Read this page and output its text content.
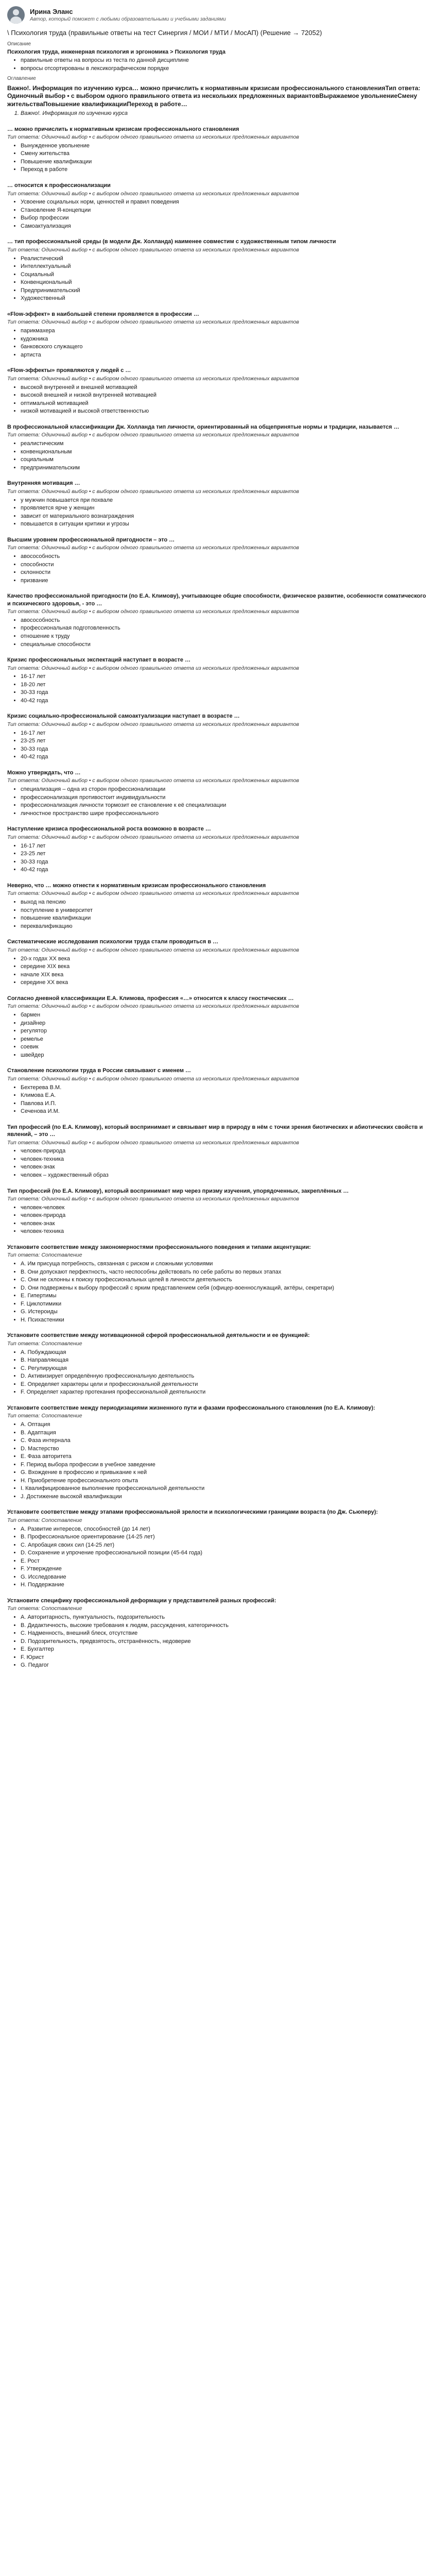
Ирина Эланс
Автор, который поможет с любыми образовательными и учебными заданиями
\ Психология труда (правильные ответы на тест Синергия / МОИ / МТИ / МосАП) (Решение → 72052)
Описание
Психология труда, инженерная психология и эргономика > Психология труда
• правильные ответы на вопросы из теста по данной дисциплине
• вопросы отсортированы в лексикографическом порядке
Оглавление
Важно!. Информация по изучению курса… можно причислить к нормативным кризисам профессионального становленияТип ответа: Одиночный выбор • с выбором одного правильного ответа из нескольких предложенных вариантовВыражаемое увольнениеСмену жительстваПовышение квалификацииПереход в работе…
1. Важно!. Информация по изучению курса
… можно причислить к нормативным кризисам профессионального становления
Тип ответа: Одиночный выбор • с выбором одного правильного ответа из нескольких предложенных вариантов
• Вынужденное увольнение
• Смену жительства
• Повышение квалификации
• Переход в работе
… относится к профессионализации
Тип ответа: Одиночный выбор • с выбором одного правильного ответа из нескольких предложенных вариантов
• Усвоение социальных норм, ценностей и правил поведения
• Становление Я-концепции
• Выбор профессии
• Самоактуализация
… тип профессиональной среды (в модели Дж. Холланда) наименее совместим с художественным типом личности
Тип ответа: Одиночный выбор • с выбором одного правильного ответа из нескольких предложенных вариантов
• Реалистический
• Интеллектуальный
• Социальный
• Конвенциональный
• Предпринимательский
• Художественный
«Flow-эффект» в наибольшей степени проявляется в профессии …
Тип ответа: Одиночный выбор • с выбором одного правильного ответа из нескольких предложенных вариантов
• парикмахера
• кудожника
• банковского служащего
• артиста
«Flow-эффекты» проявляются у людей с …
Тип ответа: Одиночный выбор • с выбором одного правильного ответа из нескольких предложенных вариантов
• высокой внутренней и внешней мотивацией
• высокой внешней и низкой внутренней мотивацией
• оптимальной мотивацией
• низкой мотивацией и высокой ответственностью
В профессиональной классификации Дж. Холланда тип личности, ориентированный на общепринятые нормы и традиции, называется …
Тип ответа: Одиночный выбор • с выбором одного правильного ответа из нескольких предложенных вариантов
• реалистическим
• конвенциональным
• социальным
• предпринимательским
Внутренняя мотивация …
Тип ответа: Одиночный выбор • с выбором одного правильного ответа из нескольких предложенных вариантов
• у мужчин повышается при похвале
• проявляется ярче у женщин
• зависит от материального вознаграждения
• повышается в ситуации критики и угрозы
Высшим уровнем профессиональной пригодности – это …
Тип ответа: Одиночный выбор • с выбором одного правильного ответа из нескольких предложенных вариантов
• авосособность
• способности
• склонности
• призвание
Качество профессиональной пригодности (по Е.А. Климову), учитывающее общие способности, физическое развитие, особенности соматического и психического здоровья, - это …
Тип ответа: Одиночный выбор • с выбором одного правильного ответа из нескольких предложенных вариантов
• авосособность
• профессиональная подготовленность
• отношение к труду
• специальные способности
Кризис профессиональных экспектаций наступает в возрасте …
Тип ответа: Одиночный выбор • с выбором одного правильного ответа из нескольких предложенных вариантов
• 16-17 лет
• 18-20 лет
• 30-33 года
• 40-42 года
Кризис социально-профессиональной самоактуализации наступает в возрасте …
Тип ответа: Одиночный выбор • с выбором одного правильного ответа из нескольких предложенных вариантов
• 16-17 лет
• 23-25 лет
• 30-33 года
• 40-42 года
Можно утверждать, что …
Тип ответа: Одиночный выбор • с выбором одного правильного ответа из нескольких предложенных вариантов
• специализация – одна из сторон профессионализации
• профессионализация противостоит индивидуальности
• профессионализация личности тормозит ее становление к её специализации
• личностное пространство шире профессионального
Наступление кризиса профессиональной роста возможно в возрасте …
Тип ответа: Одиночный выбор • с выбором одного правильного ответа из нескольких предложенных вариантов
• 16-17 лет
• 23-25 лет
• 30-33 года
• 40-42 года
Неверно, что … можно отнести к нормативным кризисам профессионального становления
Тип ответа: Одиночный выбор • с выбором одного правильного ответа из нескольких предложенных вариантов
• выход на пенсию
• поступление в университет
• повышение квалификации
• переквалификацию
Систематические исследования психологии труда стали проводиться в …
Тип ответа: Одиночный выбор • с выбором одного правильного ответа из нескольких предложенных вариантов
• 20-х годах XX века
• середине XIX века
• начале XIX века
• середине XX века
Согласно дневной классификации Е.А. Климова, профессия «…» относится к классу гностических …
Тип ответа: Одиночный выбор • с выбором одного правильного ответа из нескольких предложенных вариантов
• бармен
• дизайнер
• регулятор
• ремелье
• соевик
• швейдер
Становление психологии труда в России связывают с именем …
Тип ответа: Одиночный выбор • с выбором одного правильного ответа из нескольких предложенных вариантов
• Бехтерева В.М.
• Климова Е.А.
• Павлова И.П.
• Сеченова И.М.
Тип профессий (по Е.А. Климову), который воспринимает и связывает мир в природу в нём с точки зрения биотических и абиотических свойств и явлений, – это …
Тип ответа: Одиночный выбор • с выбором одного правильного ответа из нескольких предложенных вариантов
• человек-природа
• человек-техника
• человек-знак
• человек – художественный образ
Тип профессий (по Е.А. Климову), который воспринимает мир через призму изучения, упорядоченных, закреплённых …
Тип ответа: Одиночный выбор • с выбором одного правильного ответа из нескольких предложенных вариантов
• человек-человек
• человек-природа
• человек-знак
• человек-техника
Установите соответствие между закономерностями профессионального поведения и типами акцентуации:
Тип ответа: Сопоставление
• A. Им присуща потребность, связанная с риском и сложными условиями
• B. Они допускают перфектность, часто неспособны действовать по себе работы во первых этапах
• C. Они не склонны к поиску профессиональных целей в личности деятельность
• D. Они подвержены к выбору профессий с ярким представлением себя (офицер-военнослужащий, актёры, секретари)
• E. Гипертимы
• F. Циклотимики
• G. Истероиды
• H. Психастеники
Установите соответствие между мотивационной сферой профессиональной деятельности и ее функцией:
Тип ответа: Сопоставление
• A. Побуждающая
• B. Направляющая
• C. Регулирующая
• D. Активизирует определённую профессиональную деятельность
• E. Определяет характеры цели и профессиональной деятельности
• F. Определяет характер протекания профессиональной деятельности
Установите соответствие между периодизациями жизненного пути и фазами профессионального становления (по Е.А. Климову):
Тип ответа: Сопоставление
• A. Оптация
• B. Адаптация
• C. Фаза интернала
• D. Мастерство
• E. Фаза авторитета
• F. Период выбора профессии в учебное заведение
• G. Вхождение в профессию и привыкание к ней
• H. Приобретение профессионального опыта
• I. Квалифицированное выполнение профессиональной деятельности
• J. Достижение высокой квалификации
Установите соответствие между этапами профессиональной зрелости и психологическими границами возраста (по Дж. Сьюперу):
Тип ответа: Сопоставление
• A. Развитие интересов, способностей (до 14 лет)
• B. Профессиональное ориентирование (14-25 лет)
• C. Апробация своих сил (14-25 лет)
• D. Сохранение и упрочение профессиональной позиции (45-64 года)
• E. Рост
• F. Утверждение
• G. Исследование
• H. Поддержание
Установите специфику профессиональной деформации у представителей разных профессий:
Тип ответа: Сопоставление
• A. Авторитарность, пунктуальность, подозрительность
• B. Дидактичность, высокие требования к людям, рассуждения, категоричность
• C. Надменность, внешний блеск, отсутствие
• D. Подозрительность, предвзятость, отстранённость, недоверие
• E. Бухгалтер
• F. Юрист
• G. Педагог
